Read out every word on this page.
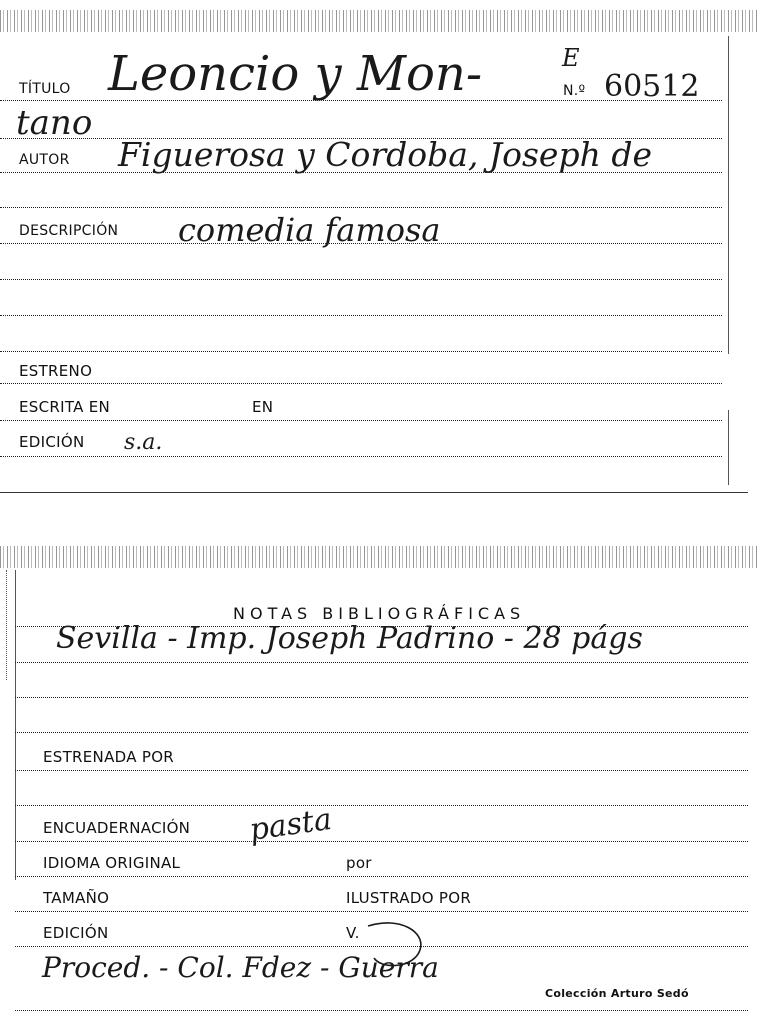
TÍTULO Leoncio y Mon-	E
N.º 60512
tano
AUTOR Figuerosa y Cordoba, Joseph de
DESCRIPCIÓN comedia famosa
ESTRENO
ESCRITA EN	EN
EDICIÓN s.a.
NOTAS BIBLIOGRÁFICAS
Sevilla - Imp. Joseph Padrino - 28 págs
ESTRENADA POR
ENCUADERNACIÓN pasta
IDIOMA ORIGINAL	por
TAMAÑO	ILUSTRADO POR
EDICIÓN	V.
Proced. - Col. Fdez - Guerra
Colección Arturo Sedó
